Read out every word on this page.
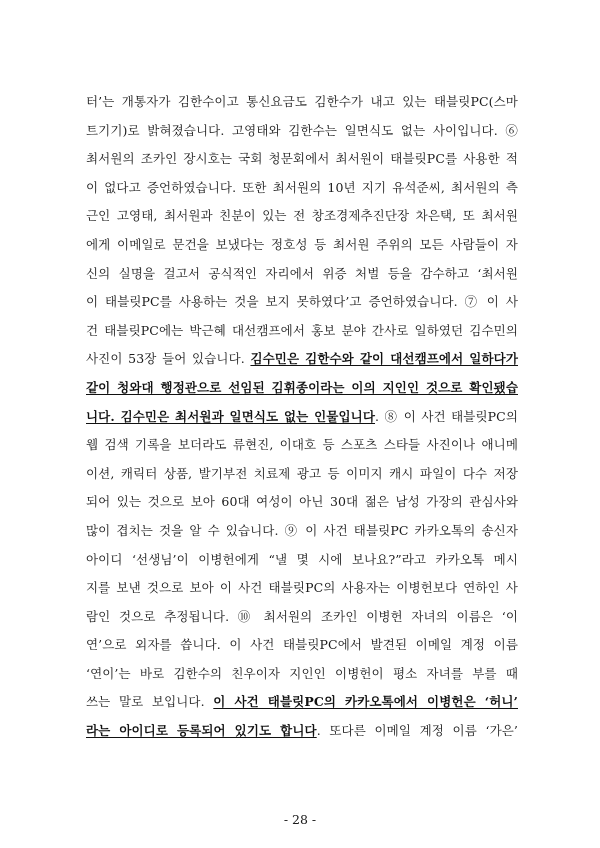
터’는 개통자가 김한수이고 통신요금도 김한수가 내고 있는 태블릿PC(스마
트기기)로 밝혀졌습니다. 고영태와 김한수는 일면식도 없는 사이입니다. ⑥
최서원의 조카인 장시호는 국회 청문회에서 최서원이 태블릿PC를 사용한 적
이 없다고 증언하였습니다. 또한 최서원의 10년 지기 유석준씨, 최서원의 측
근인 고영태, 최서원과 친분이 있는 전 창조경제추진단장 차은택, 또 최서원
에게 이메일로 문건을 보냈다는 정호성 등 최서원 주위의 모든 사람들이 자
신의 실명을 걸고서 공식적인 자리에서 위증 처벌 등을 감수하고 ‘최서원
이 태블릿PC를 사용하는 것을 보지 못하였다’고 증언하였습니다. ⑦ 이 사
건 태블릿PC에는 박근혜 대선캠프에서 홍보 분야 간사로 일하였던 김수민의
사진이 53장 들어 있습니다. 김수민은 김한수와 같이 대선캠프에서 일하다가
같이 청와대 행정관으로 선임된 김휘종이라는 이의 지인인 것으로 확인됐습
니다. 김수민은 최서원과 일면식도 없는 인물입니다. ⑧ 이 사건 태블릿PC의
웹 검색 기록을 보더라도 류현진, 이대호 등 스포츠 스타들 사진이나 애니메
이션, 캐릭터 상품, 발기부전 치료제 광고 등 이미지 캐시 파일이 다수 저장
되어 있는 것으로 보아 60대 여성이 아닌 30대 젊은 남성 가장의 관심사와
많이 겹치는 것을 알 수 있습니다. ⑨ 이 사건 태블릿PC 카카오톡의 송신자
아이디 ‘선생님’이 이병헌에게 “낼 몇 시에 보나요?”라고 카카오톡 메시
지를 보낸 것으로 보아 이 사건 태블릿PC의 사용자는 이병헌보다 연하인 사
람인 것으로 추정됩니다. ⑩ 최서원의 조카인 이병헌 자녀의 이름은 ‘이
연’으로 외자를 씁니다. 이 사건 태블릿PC에서 발견된 이메일 계정 이름
‘연이’는 바로 김한수의 친우이자 지인인 이병헌이 평소 자녀를 부를 때
쓰는 말로 보입니다. 이 사건 태블릿PC의 카카오톡에서 이병헌은 ‘허니’
라는 아이디로 등록되어 있기도 합니다. 또다른 이메일 계정 이름 ‘가은’
- 28 -
